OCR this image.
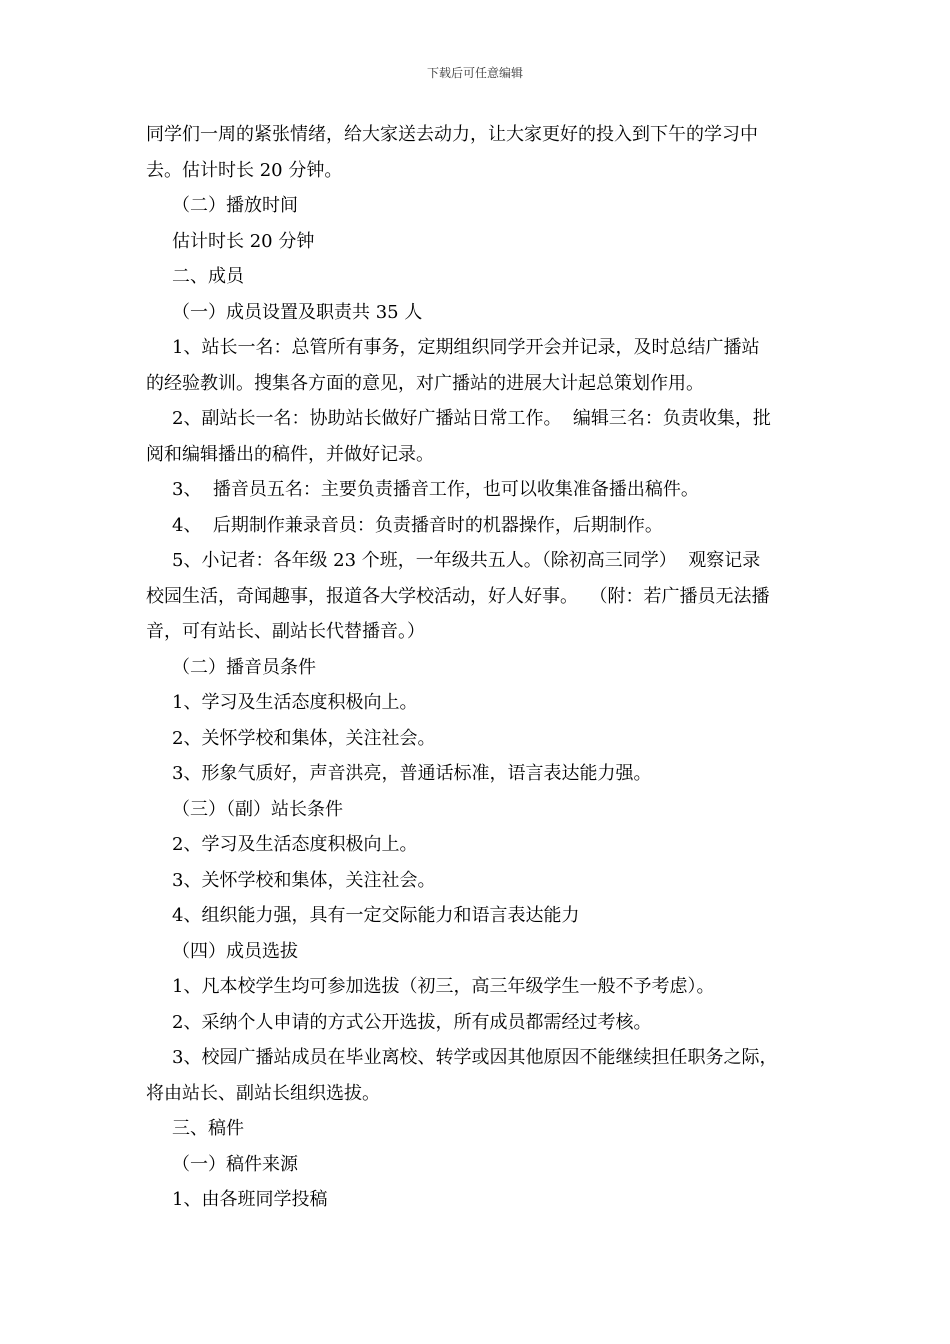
下载后可任意编辑

同学们一周的紧张情绪，给大家送去动力，让大家更好的投入到下午的学习中

去。估计时长 20 分钟。

（二）播放时间

估计时长 20 分钟

二、成员

（一）成员设置及职责共 35 人

1、站长一名：总管所有事务，定期组织同学开会并记录，及时总结广播站

的经验教训。搜集各方面的意见，对广播站的进展大计起总策划作用。

2、副站长一名：协助站长做好广播站日常工作。  编辑三名：负责收集，批

阅和编辑播出的稿件，并做好记录。

3、  播音员五名：主要负责播音工作，也可以收集准备播出稿件。

4、  后期制作兼录音员：负责播音时的机器操作，后期制作。

5、小记者：各年级 23 个班，一年级共五人。（除初高三同学）  观察记录

校园生活，奇闻趣事，报道各大学校活动，好人好事。  （附：若广播员无法播

音，可有站长、副站长代替播音。）

（二）播音员条件

1、学习及生活态度积极向上。

2、关怀学校和集体，关注社会。

3、形象气质好，声音洪亮，普通话标准，语言表达能力强。

（三）（副）站长条件

2、学习及生活态度积极向上。

3、关怀学校和集体，关注社会。

4、组织能力强，具有一定交际能力和语言表达能力

（四）成员选拔

1、凡本校学生均可参加选拔（初三，高三年级学生一般不予考虑）。

2、采纳个人申请的方式公开选拔，所有成员都需经过考核。

3、校园广播站成员在毕业离校、转学或因其他原因不能继续担任职务之际，

将由站长、副站长组织选拔。

三、稿件

（一）稿件来源

1、由各班同学投稿
